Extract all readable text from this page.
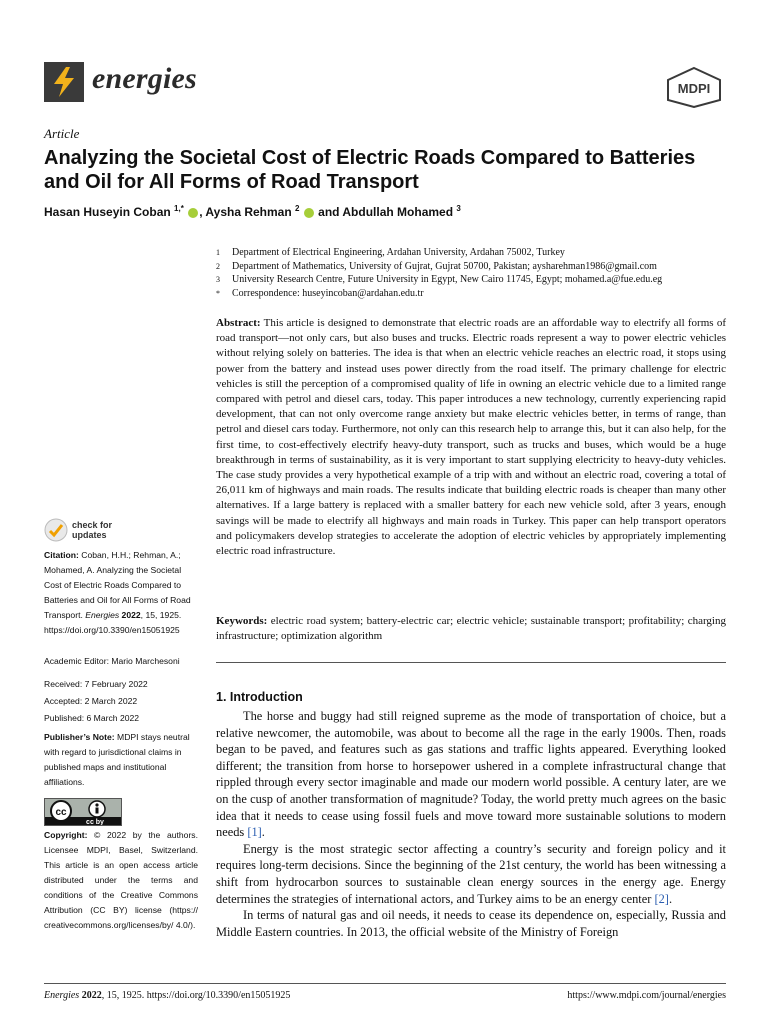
energies	MDPI
Article
Analyzing the Societal Cost of Electric Roads Compared to Batteries and Oil for All Forms of Road Transport
Hasan Huseyin Coban $^{1,*}$ , Aysha Rehman $^2$  and Abdullah Mohamed $^3$
1	Department of Electrical Engineering, Ardahan University, Ardahan 75002, Turkey
2	Department of Mathematics, University of Gujrat, Gujrat 50700, Pakistan; aysharehman1986@gmail.com
3	University Research Centre, Future University in Egypt, New Cairo 11745, Egypt; mohamed.a@fue.edu.eg
*	Correspondence: huseyincoban@ardahan.edu.tr
Abstract: This article is designed to demonstrate that electric roads are an affordable way to electrify all forms of road transport—not only cars, but also buses and trucks. Electric roads represent a way to power electric vehicles without relying solely on batteries. The idea is that when an electric vehicle reaches an electric road, it stops using power from the battery and instead uses power directly from the road itself. The primary challenge for electric vehicles is still the perception of a compromised quality of life in owning an electric vehicle due to a limited range compared with petrol and diesel cars, today. This paper introduces a new technology, currently experiencing rapid development, that can not only overcome range anxiety but make electric vehicles better, in terms of range, than petrol and diesel cars today. Furthermore, not only can this research help to arrange this, but it can also help, for the first time, to cost-effectively electrify heavy-duty transport, such as trucks and buses, which would be a huge breakthrough in terms of sustainability, as it is very important to start supplying electricity to heavy-duty vehicles. The case study provides a very hypothetical example of a trip with and without an electric road, covering a total of 26,011 km of highways and main roads. The results indicate that building electric roads is cheaper than many other alternatives. If a large battery is replaced with a smaller battery for each new vehicle sold, after 3 years, enough savings will be made to electrify all highways and main roads in Turkey. This paper can help transport operators and policymakers develop strategies to accelerate the adoption of electric vehicles by appropriately implementing electric road infrastructure.
Keywords: electric road system; battery-electric car; electric vehicle; sustainable transport; profitability; charging infrastructure; optimization algorithm
check for updates
Citation: Coban, H.H.; Rehman, A.; Mohamed, A. Analyzing the Societal Cost of Electric Roads Compared to Batteries and Oil for All Forms of Road Transport. Energies 2022, 15, 1925. https://doi.org/10.3390/en15051925
Academic Editor: Mario Marchesoni
Received: 7 February 2022
Accepted: 2 March 2022
Published: 6 March 2022
Publisher’s Note: MDPI stays neutral with regard to jurisdictional claims in published maps and institutional affiliations.
cc
cc by
Copyright: © 2022 by the authors. Licensee MDPI, Basel, Switzerland. This article is an open access article distributed under the terms and conditions of the Creative Commons Attribution (CC BY) license (https:// creativecommons.org/licenses/by/ 4.0/).
1. Introduction

The horse and buggy had still reigned supreme as the mode of transportation of choice, but a relative newcomer, the automobile, was about to become all the rage in the early 1900s. Then, roads began to be paved, and features such as gas stations and traffic lights appeared. Everything looked different; the transition from horse to horsepower ushered in a complete infrastructural change that rippled through every sector imaginable and made our modern world possible. A century later, are we on the cusp of another transformation of magnitude? Today, the world pretty much agrees on the basic idea that it needs to cease using fossil fuels and move toward more sustainable solutions to modern needs [1].

Energy is the most strategic sector affecting a country’s security and foreign policy and it requires long-term decisions. Since the beginning of the 21st century, the world has been witnessing a shift from hydrocarbon sources to sustainable clean energy sources in the energy age. Energy determines the strategies of international actors, and Turkey aims to be an energy center [2].

In terms of natural gas and oil needs, it needs to cease its dependence on, especially, Russia and Middle Eastern countries. In 2013, the official website of the Ministry of Foreign

Energies 2022, 15, 1925. https://doi.org/10.3390/en15051925	https://www.mdpi.com/journal/energies
